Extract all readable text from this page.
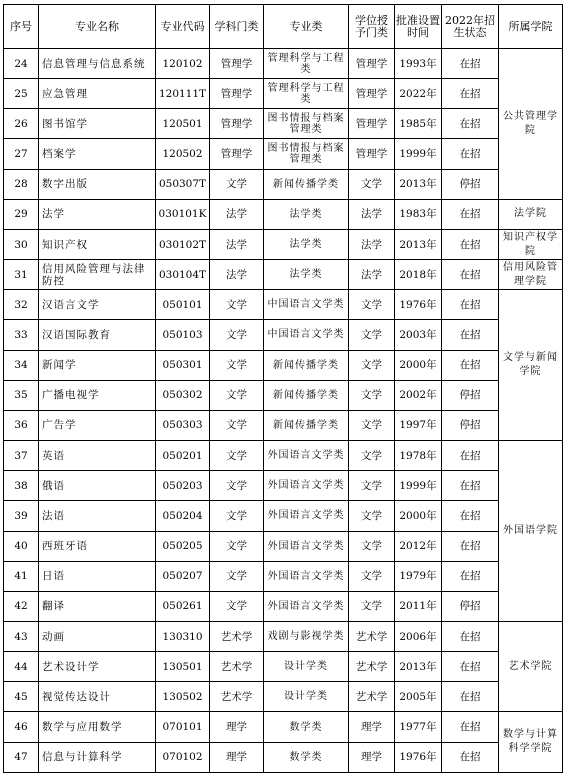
序号	专业名称	专业代码	学科门类	专业类	学位授予门类	批准设置时间	2022年招生状态	所属学院
24	信息管理与信息系统	120102	管理学	管理科学与工程类	管理学	1993年	在招	公共管理学院
25	应急管理	120111T	管理学	管理科学与工程类	管理学	2022年	在招	
26	图书馆学	120501	管理学	图书情报与档案管理类	管理学	1985年	在招	
27	档案学	120502	管理学	图书情报与档案管理类	管理学	1999年	在招	
28	数字出版	050307T	文学	新闻传播学类	文学	2013年	停招	
29	法学	030101K	法学	法学类	法学	1983年	在招	法学院
30	知识产权	030102T	法学	法学类	法学	2013年	在招	知识产权学院
31	信用风险管理与法律防控	030104T	法学	法学类	法学	2018年	在招	信用风险管理学院
32	汉语言文学	050101	文学	中国语言文学类	文学	1976年	在招	文学与新闻学院
33	汉语国际教育	050103	文学	中国语言文学类	文学	2003年	在招	
34	新闻学	050301	文学	新闻传播学类	文学	2000年	在招	
35	广播电视学	050302	文学	新闻传播学类	文学	2002年	停招	
36	广告学	050303	文学	新闻传播学类	文学	1997年	停招	
37	英语	050201	文学	外国语言文学类	文学	1978年	在招	外国语学院
38	俄语	050203	文学	外国语言文学类	文学	1999年	在招	
39	法语	050204	文学	外国语言文学类	文学	2000年	在招	
40	西班牙语	050205	文学	外国语言文学类	文学	2012年	在招	
41	日语	050207	文学	外国语言文学类	文学	1979年	在招	
42	翻译	050261	文学	外国语言文学类	文学	2011年	停招	
43	动画	130310	艺术学	戏剧与影视学类	艺术学	2006年	在招	艺术学院
44	艺术设计学	130501	艺术学	设计学类	艺术学	2013年	在招	
45	视觉传达设计	130502	艺术学	设计学类	艺术学	2005年	在招	
46	数学与应用数学	070101	理学	数学类	理学	1977年	在招	数学与计算科学学院
47	信息与计算科学	070102	理学	数学类	理学	1976年	在招	
